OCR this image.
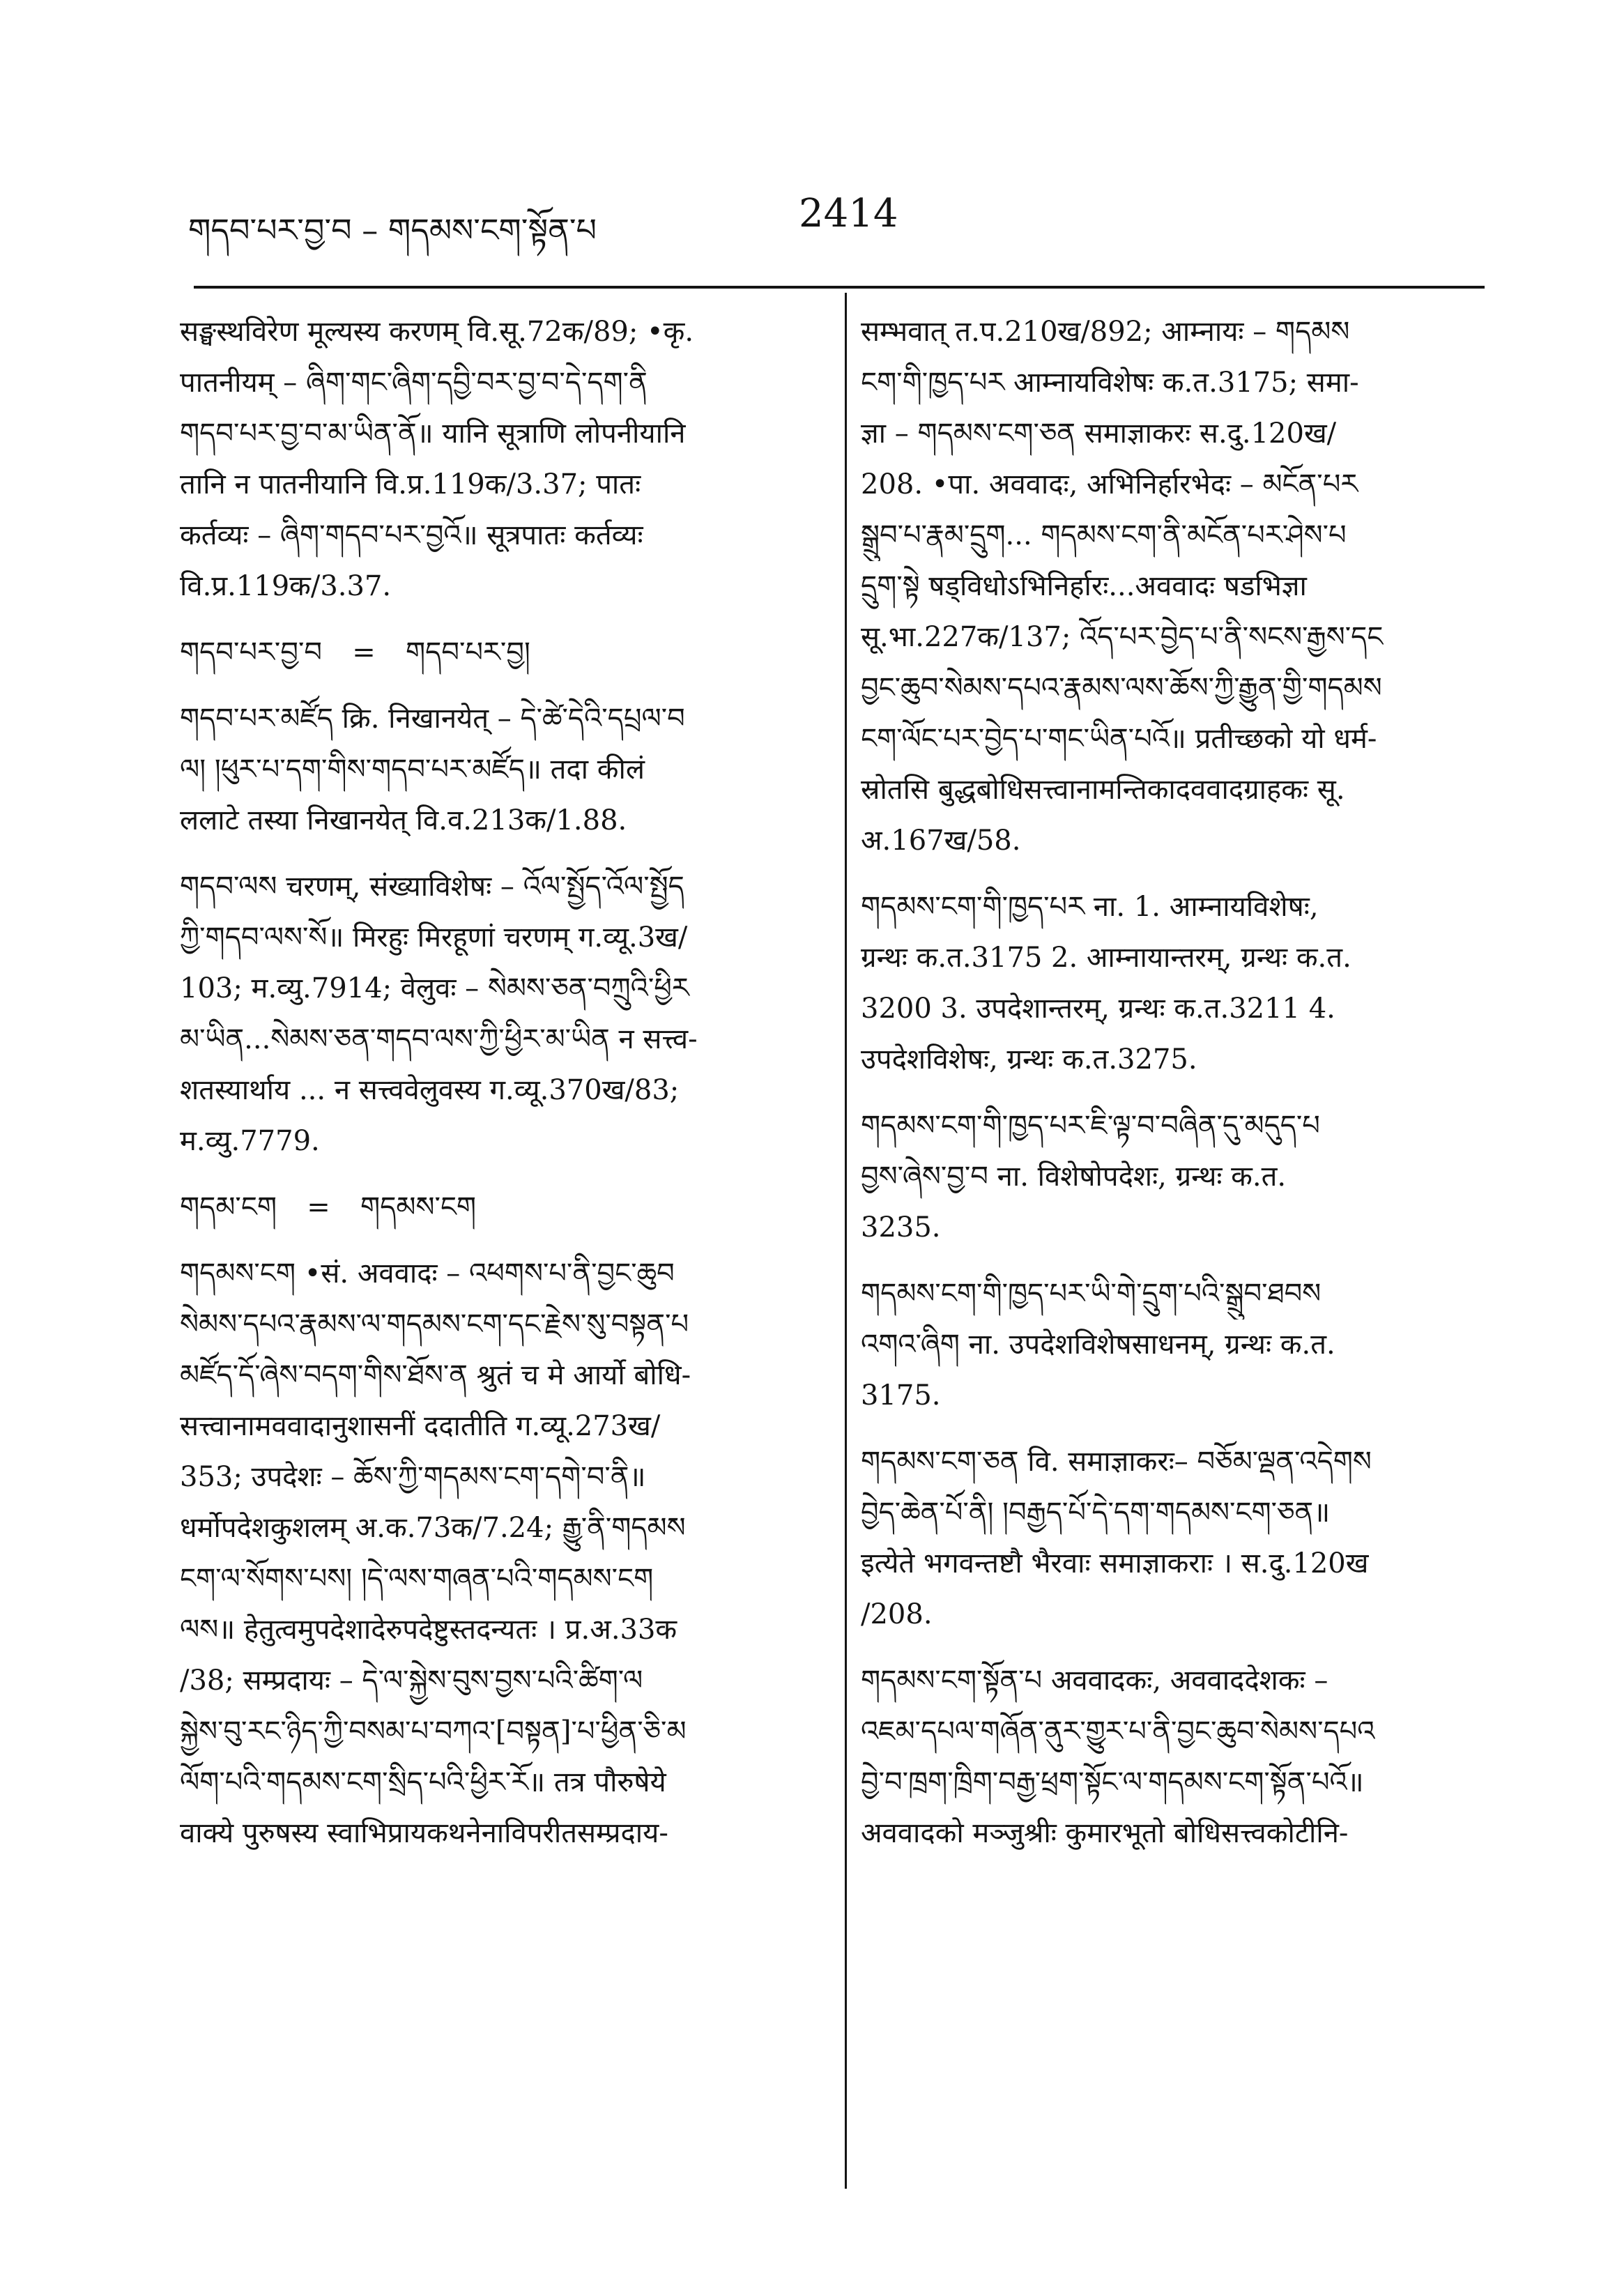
གདབ་པར་བྱ་བ – གདམས་ངག་སྟོན་པ	2414
सङ्घस्थविरेण मूल्यस्य करणम् वि.सू.72क/89; •कृ.
पातनीयम् – ཞིག་གང་ཞིག་དབྱི་བར་བྱ་བ་དེ་དག་ནི
གདབ་པར་བྱ་བ་མ་ཡིན་ནོ॥ यानि सूत्राणि लोपनीयानि
तानि न पातनीयानि वि.प्र.119क/3.37; पातः
कर्तव्यः – ཞིག་གདབ་པར་བྱའོ॥ सूत्रपातः कर्तव्यः
वि.प्र.119क/3.37.
གདབ་པར་བྱ་བ	=	གདབ་པར་བྱ།
གདབ་པར་མཛོད क्रि. निखानयेत् – དེ་ཚེ་དེའི་དཔྲལ་བ
ལ། །ཕུར་པ་དག་གིས་གདབ་པར་མཛོད॥ तदा कीलं
ललाटे तस्या निखानयेत् वि.व.213क/1.88.
གདབ་ལས चरणम्, संख्याविशेषः – འོལ་སྤྱོད་འོལ་སྤྱོད
ཀྱི་གདབ་ལས་སོ॥ मिरहुः मिरहूणां चरणम् ग.व्यू.3ख/
103; म.व्यु.7914; वेलुवः – སེམས་ཅན་བཀྲུའི་ཕྱིར
མ་ཡིན...སེམས་ཅན་གདབ་ལས་ཀྱི་ཕྱིར་མ་ཡིན न सत्त्व-
शतस्यार्थाय ... न सत्त्ववेलुवस्य ग.व्यू.370ख/83;
म.व्यु.7779.
གདམ་ངག	=	གདམས་ངག
གདམས་ངག •सं. अववादः – འཕགས་པ་ནི་བྱང་ཆུབ
སེམས་དཔའ་རྣམས་ལ་གདམས་ངག་དང་རྗེས་སུ་བསྟན་པ
མཛོད་དོ་ཞེས་བདག་གིས་ཐོས་ན श्रुतं च मे आर्यो बोधि-
सत्त्वानामववादानुशासनीं ददातीति ग.व्यू.273ख/
353; उपदेशः – ཆོས་ཀྱི་གདམས་ངག་དགེ་བ་ནི॥
धर्मोपदेशकुशलम् अ.क.73क/7.24; རྒྱུ་ནི་གདམས
ངག་ལ་སོགས་པས། །དེ་ལས་གཞན་པའི་གདམས་ངག
ལས॥ हेतुत्वमुपदेशादेरुपदेष्टुस्तदन्यतः । प्र.अ.33क
/38; सम्प्रदायः – དེ་ལ་སྐྱེས་བུས་བྱས་པའི་ཚིག་ལ
སྐྱེས་བུ་རང་ཉིད་ཀྱི་བསམ་པ་བཀའ་[བསྟན]་པ་ཕྱིན་ཅི་མ
ལོག་པའི་གདམས་ངག་སྲིད་པའི་ཕྱིར་རོ॥ तत्र पौरुषेये
वाक्ये पुरुषस्य स्वाभिप्रायकथनेनाविपरीतसम्प्रदाय-
सम्भवात् त.प.210ख/892; आम्नायः – གདམས
ངག་གི་ཁྱད་པར आम्नायविशेषः क.त.3175; समा-
ज्ञा – གདམས་ངག་ཅན समाज्ञाकरः स.दु.120ख/
208. •पा. अववादः, अभिनिर्हारभेदः – མངོན་པར
སྒྲུབ་པ་རྣམ་དྲུག... གདམས་ངག་ནི་མངོན་པར་ཤེས་པ
དྲུག་སྟེ षड्विधोऽभिनिर्हारः...अववादः षडभिज्ञा
सू.भा.227क/137; འོད་པར་བྱེད་པ་ནི་སངས་རྒྱས་དང
བྱང་ཆུབ་སེམས་དཔའ་རྣམས་ལས་ཆོས་ཀྱི་རྒྱུན་གྱི་གདམས
ངག་ལོང་པར་བྱེད་པ་གང་ཡིན་པའོ॥ प्रतीच्छको यो धर्म-
स्रोतसि बुद्धबोधिसत्त्वानामन्तिकादववादग्राहकः सू.
अ.167ख/58.
གདམས་ངག་གི་ཁྱད་པར ना. 1. आम्नायविशेषः,
ग्रन्थः क.त.3175 2. आम्नायान्तरम्, ग्रन्थः क.त.
3200 3. उपदेशान्तरम्, ग्रन्थः क.त.3211 4.
उपदेशविशेषः, ग्रन्थः क.त.3275.
གདམས་ངག་གི་ཁྱད་པར་ཇི་ལྟ་བ་བཞིན་དུ་མདུད་པ
བྱས་ཞེས་བྱ་བ ना. विशेषोपदेशः, ग्रन्थः क.त.
3235.
གདམས་ངག་གི་ཁྱད་པར་ཡི་གེ་དྲུག་པའི་སྒྲུབ་ཐབས
འགའ་ཞིག ना. उपदेशविशेषसाधनम्, ग्रन्थः क.त.
3175.
གདམས་ངག་ཅན वि. समाज्ञाकरः– བཅོམ་ལྡན་འདེགས
བྱེད་ཆེན་པོ་ནི། །བརྒྱད་པོ་དེ་དག་གདམས་ངག་ཅན॥
इत्येते भगवन्तष्टौ भैरवाः समाज्ञाकराः । स.दु.120ख
/208.
གདམས་ངག་སྟོན་པ अववादकः, अववाददेशकः –
འཇམ་དཔལ་གཞོན་ནུར་གྱུར་པ་ནི་བྱང་ཆུབ་སེམས་དཔའ
བྱེ་བ་ཁྲག་ཁྲིག་བརྒྱ་ཕྲག་སྟོང་ལ་གདམས་ངག་སྟོན་པའོ॥
अववादको मञ्जुश्रीः कुमारभूतो बोधिसत्त्वकोटीनि-
